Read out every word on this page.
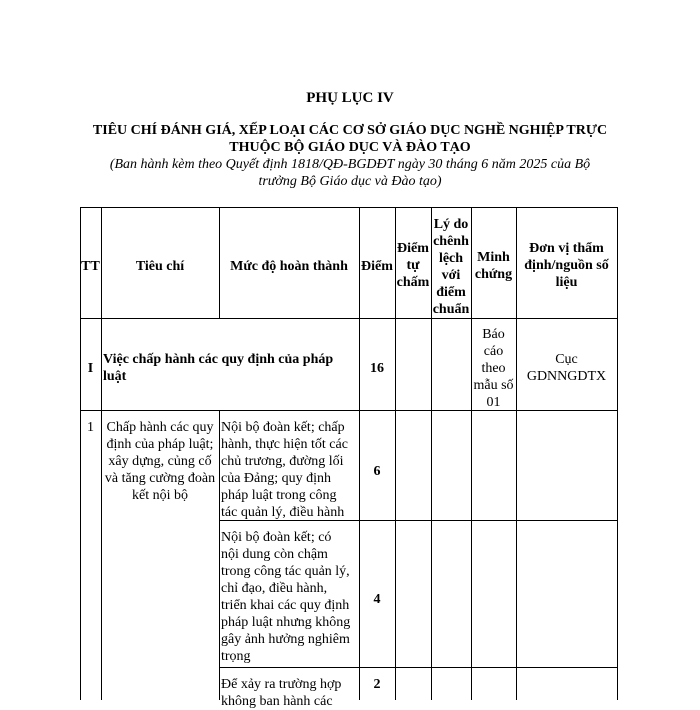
PHỤ LỤC IV
TIÊU CHÍ ĐÁNH GIÁ, XẾP LOẠI CÁC CƠ SỞ GIÁO DỤC NGHỀ NGHIỆP TRỰC
THUỘC BỘ GIÁO DỤC VÀ ĐÀO TẠO
(Ban hành kèm theo Quyết định 1818/QĐ-BGDĐT ngày 30 tháng 6 năm 2025 của Bộ
trưởng Bộ Giáo dục và Đào tạo)
TT	Tiêu chí	Mức độ hoàn thành Điểm
Điểm
tự
chấm
Lý do
chênh
lệch
với
điểm
chuẩn
Minh
chứng
Đơn vị thẩm
định/nguồn số
liệu
I
Việc chấp hành các quy định của pháp
luật
16
Báo
cáo
theo
mẫu số
01
Cục
GDNNGDTX
1 Chấp hành các quy
định của pháp luật;
xây dựng, củng cố
và tăng cường đoàn
kết nội bộ
Nội bộ đoàn kết; chấp
hành, thực hiện tốt các
chủ trương, đường lối
của Đảng; quy định
pháp luật trong công
tác quản lý, điều hành
6
Nội bộ đoàn kết; có
nội dung còn chậm
trong công tác quản lý,
chỉ đạo, điều hành,
triển khai các quy định
pháp luật nhưng không
gây ảnh hưởng nghiêm
trọng
4
Để xảy ra trường hợp
không ban hành các
2
